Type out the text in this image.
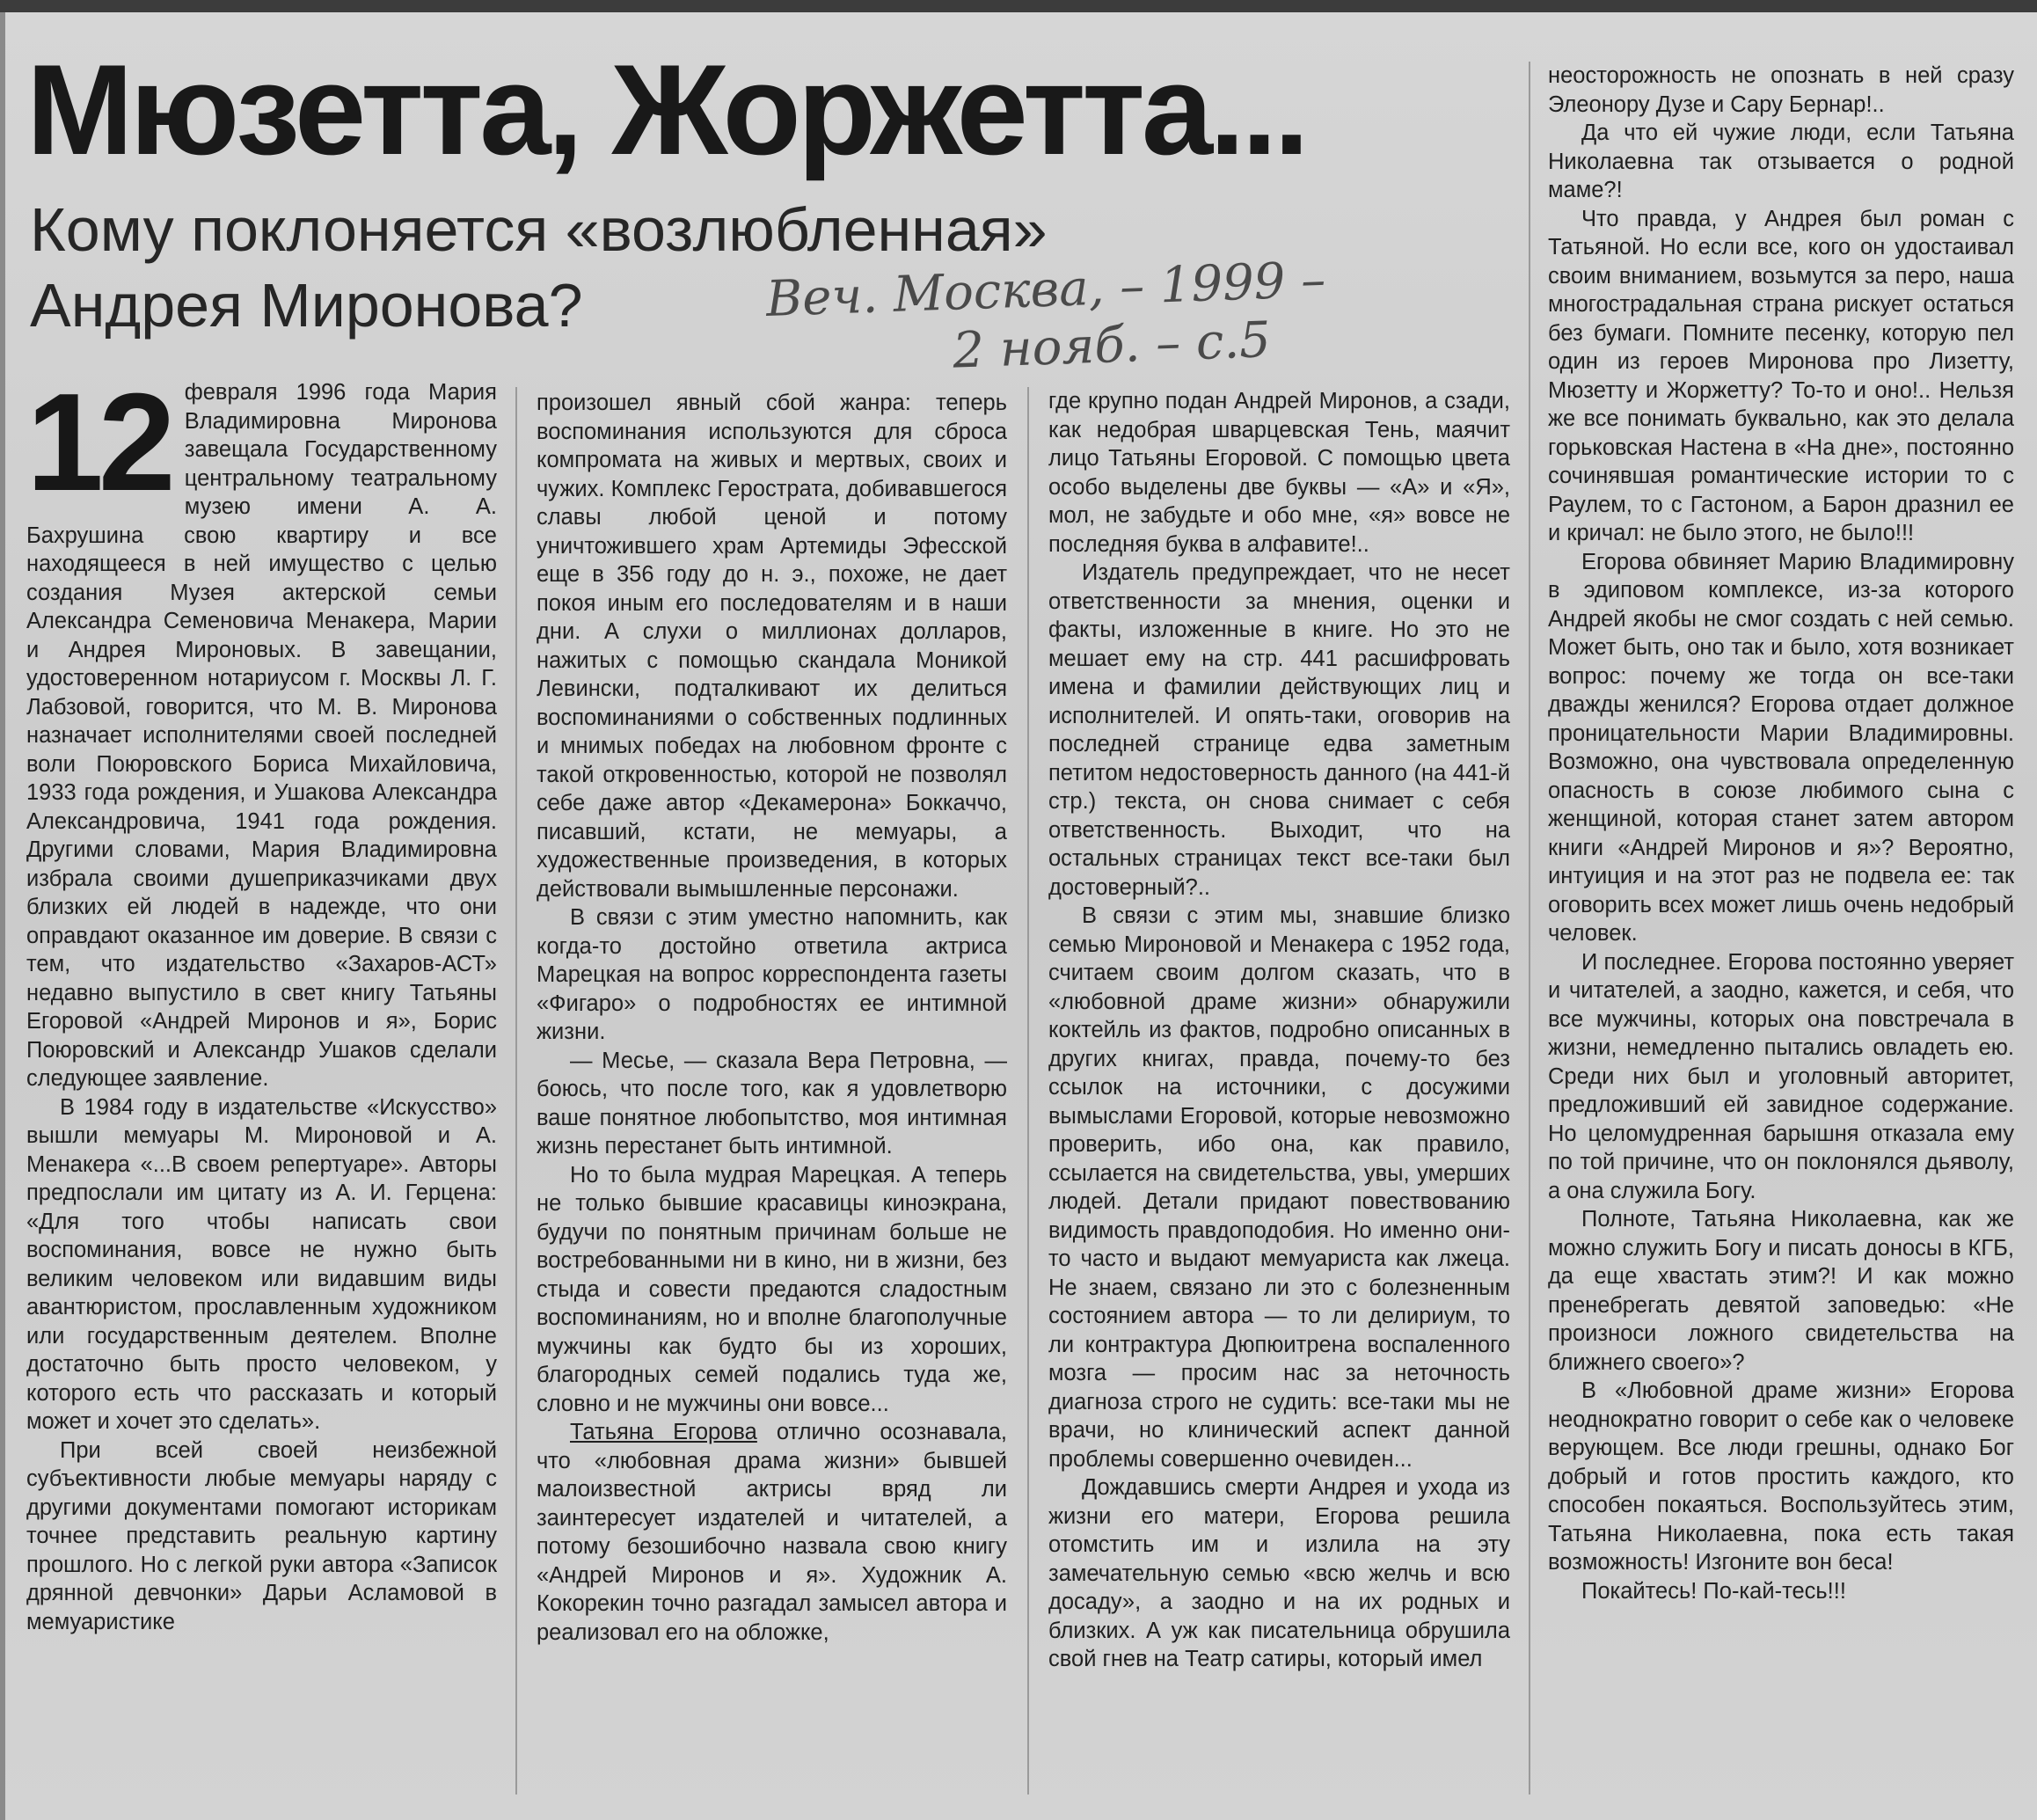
Мюзетта, Жоржетта...
Кому поклоняется «возлюбленная» Андрея Миронова?	Веч. Москва, – 1999 –
2 нояб. – с.5

12 февраля 1996 года Мария Владимировна Миронова завещала Государственному центральному театральному музею имени А. А. Бахрушина свою квартиру и все находящееся в ней имущество с целью создания Музея актерской семьи Александра Семеновича Менакера, Марии и Андрея Мироновых. В завещании, удостоверенном нотариусом г. Москвы Л. Г. Лабзовой, говорится, что М. В. Миронова назначает исполнителями своей последней воли Поюровского Бориса Михайловича, 1933 года рождения, и Ушакова Александра Александровича, 1941 года рождения. Другими словами, Мария Владимировна избрала своими душеприказчиками двух близких ей людей в надежде, что они оправдают оказанное им доверие. В связи с тем, что издательство «Захаров-АСТ» недавно выпустило в свет книгу Татьяны Егоровой «Андрей Миронов и я», Борис Поюровский и Александр Ушаков сделали следующее заявление.

В 1984 году в издательстве «Искусство» вышли мемуары М. Мироновой и А. Менакера «...В своем репертуаре». Авторы предпослали им цитату из А. И. Герцена: «Для того чтобы написать свои воспоминания, вовсе не нужно быть великим человеком или видавшим виды авантюристом, прославленным художником или государственным деятелем. Вполне достаточно быть просто человеком, у которого есть что рассказать и который может и хочет это сделать».

При всей своей неизбежной субъективности любые мемуары наряду с другими документами помогают историкам точнее представить реальную картину прошлого. Но с легкой руки автора «Записок дрянной девчонки» Дарьи Асламовой в мемуаристике

произошел явный сбой жанра: теперь воспоминания используются для сброса компромата на живых и мертвых, своих и чужих. Комплекс Герострата, добивавшегося славы любой ценой и потому уничтожившего храм Артемиды Эфесской еще в 356 году до н. э., похоже, не дает покоя иным его последователям и в наши дни. А слухи о миллионах долларов, нажитых с помощью скандала Моникой Левински, подталкивают их делиться воспоминаниями о собственных подлинных и мнимых победах на любовном фронте с такой откровенностью, которой не позволял себе даже автор «Декамерона» Боккаччо, писавший, кстати, не мемуары, а художественные произведения, в которых действовали вымышленные персонажи.

В связи с этим уместно напомнить, как когда-то достойно ответила актриса Марецкая на вопрос корреспондента газеты «Фигаро» о подробностях ее интимной жизни.

— Месье, — сказала Вера Петровна, — боюсь, что после того, как я удовлетворю ваше понятное любопытство, моя интимная жизнь перестанет быть интимной.

Но то была мудрая Марецкая. А теперь не только бывшие красавицы киноэкрана, будучи по понятным причинам больше не востребованными ни в кино, ни в жизни, без стыда и совести предаются сладостным воспоминаниям, но и вполне благополучные мужчины как будто бы из хороших, благородных семей подались туда же, словно и не мужчины они вовсе...

Татьяна Егорова отлично осознавала, что «любовная драма жизни» бывшей малоизвестной актрисы вряд ли заинтересует издателей и читателей, а потому безошибочно назвала свою книгу «Андрей Миронов и я». Художник А. Кокорекин точно разгадал замысел автора и реализовал его на обложке,

где крупно подан Андрей Миронов, а сзади, как недобрая шварцевская Тень, маячит лицо Татьяны Егоровой. С помощью цвета особо выделены две буквы — «А» и «Я», мол, не забудьте и обо мне, «я» вовсе не последняя буква в алфавите!..

Издатель предупреждает, что не несет ответственности за мнения, оценки и факты, изложенные в книге. Но это не мешает ему на стр. 441 расшифровать имена и фамилии действующих лиц и исполнителей. И опять-таки, оговорив на последней странице едва заметным петитом недостоверность данного (на 441-й стр.) текста, он снова снимает с себя ответственность. Выходит, что на остальных страницах текст все-таки был достоверный?..

В связи с этим мы, знавшие близко семью Мироновой и Менакера с 1952 года, считаем своим долгом сказать, что в «любовной драме жизни» обнаружили коктейль из фактов, подробно описанных в других книгах, правда, почему-то без ссылок на источники, с досужими вымыслами Егоровой, которые невозможно проверить, ибо она, как правило, ссылается на свидетельства, увы, умерших людей. Детали придают повествованию видимость правдоподобия. Но именно они-то часто и выдают мемуариста как лжеца. Не знаем, связано ли это с болезненным состоянием автора — то ли делириум, то ли контрактура Дюпюитрена воспаленного мозга — просим нас за неточность диагноза строго не судить: все-таки мы не врачи, но клинический аспект данной проблемы совершенно очевиден...

Дождавшись смерти Андрея и ухода из жизни его матери, Егорова решила отомстить им и излила на эту замечательную семью «всю желчь и всю досаду», а заодно и на их родных и близких. А уж как писательница обрушила свой гнев на Театр сатиры, который имел

неосторожность не опознать в ней сразу Элеонору Дузе и Сару Бернар!..

Да что ей чужие люди, если Татьяна Николаевна так отзывается о родной маме?!

Что правда, у Андрея был роман с Татьяной. Но если все, кого он удостаивал своим вниманием, возьмутся за перо, наша многострадальная страна рискует остаться без бумаги. Помните песенку, которую пел один из героев Миронова про Лизетту, Мюзетту и Жоржетту? То-то и оно!.. Нельзя же все понимать буквально, как это делала горьковская Настена в «На дне», постоянно сочинявшая романтические истории то с Раулем, то с Гастоном, а Барон дразнил ее и кричал: не было этого, не было!!!

Егорова обвиняет Марию Владимировну в эдиповом комплексе, из-за которого Андрей якобы не смог создать с ней семью. Может быть, оно так и было, хотя возникает вопрос: почему же тогда он все-таки дважды женился? Егорова отдает должное проницательности Марии Владимировны. Возможно, она чувствовала определенную опасность в союзе любимого сына с женщиной, которая станет затем автором книги «Андрей Миронов и я»? Вероятно, интуиция и на этот раз не подвела ее: так оговорить всех может лишь очень недобрый человек.

И последнее. Егорова постоянно уверяет и читателей, а заодно, кажется, и себя, что все мужчины, которых она повстречала в жизни, немедленно пытались овладеть ею. Среди них был и уголовный авторитет, предложивший ей завидное содержание. Но целомудренная барышня отказала ему по той причине, что он поклонялся дьяволу, а она служила Богу.

Полноте, Татьяна Николаевна, как же можно служить Богу и писать доносы в КГБ, да еще хвастать этим?! И как можно пренебрегать девятой заповедью: «Не произноси ложного свидетельства на ближнего своего»?

В «Любовной драме жизни» Егорова неоднократно говорит о себе как о человеке верующем. Все люди грешны, однако Бог добрый и готов простить каждого, кто способен покаяться. Воспользуйтесь этим, Татьяна Николаевна, пока есть такая возможность! Изгоните вон беса!

Покайтесь! По-кай-тесь!!!
